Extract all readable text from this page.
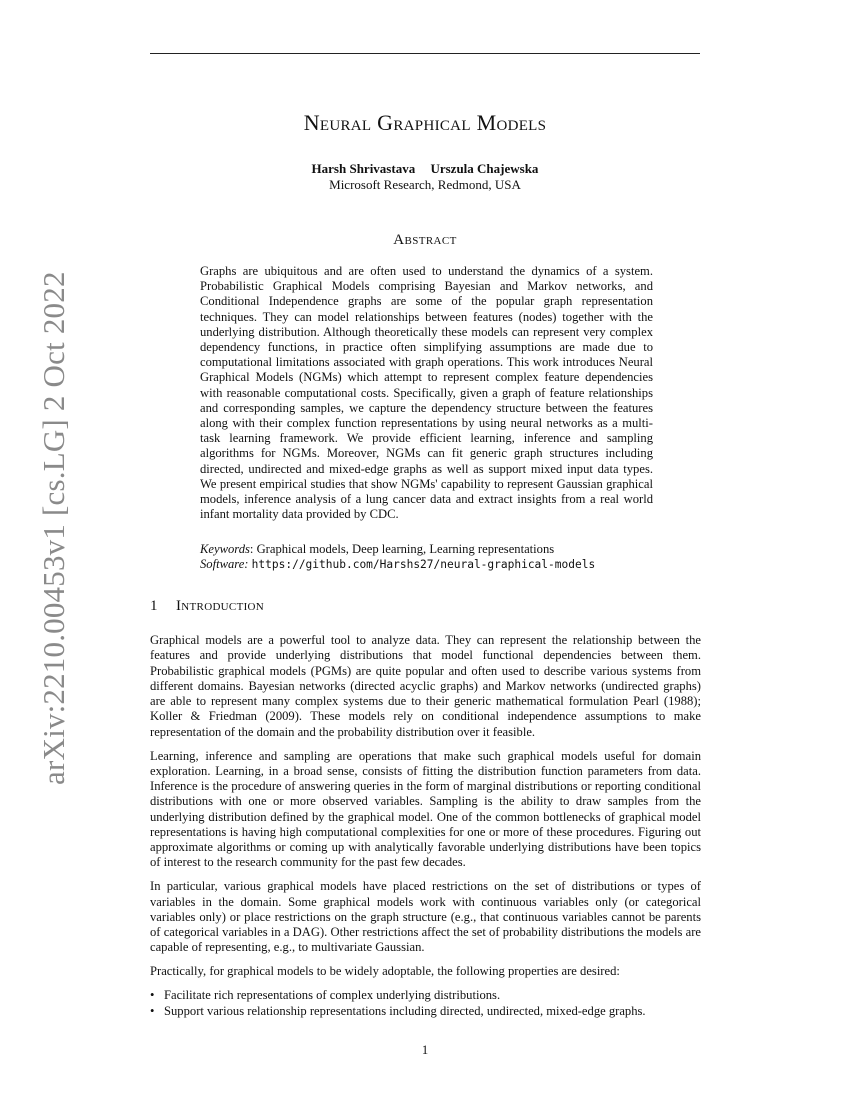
arXiv:2210.00453v1 [cs.LG] 2 Oct 2022
Neural Graphical Models
Harsh Shrivastava Urszula Chajewska
Microsoft Research, Redmond, USA
Abstract

Graphs are ubiquitous and are often used to understand the dynamics of a system. Probabilistic Graphical Models comprising Bayesian and Markov networks, and Conditional Independence graphs are some of the popular graph representation techniques. They can model relationships between features (nodes) together with the underlying distribution. Although theoretically these models can represent very complex dependency functions, in practice often simplifying assumptions are made due to computational limitations associated with graph operations. This work introduces Neural Graphical Models (NGMs) which attempt to represent complex feature dependencies with reasonable computational costs. Specifically, given a graph of feature relationships and corresponding samples, we capture the dependency structure between the features along with their complex function representations by using neural networks as a multi-task learning framework. We provide efficient learning, inference and sampling algorithms for NGMs. Moreover, NGMs can fit generic graph structures including directed, undirected and mixed-edge graphs as well as support mixed input data types. We present empirical studies that show NGMs' capability to represent Gaussian graphical models, inference analysis of a lung cancer data and extract insights from a real world infant mortality data provided by CDC.

Keywords: Graphical models, Deep learning, Learning representations
Software: https://github.com/Harshs27/neural-graphical-models
1 Introduction

Graphical models are a powerful tool to analyze data. They can represent the relationship between the features and provide underlying distributions that model functional dependencies between them. Probabilistic graphical models (PGMs) are quite popular and often used to describe various systems from different domains. Bayesian networks (directed acyclic graphs) and Markov networks (undirected graphs) are able to represent many complex systems due to their generic mathematical formulation Pearl (1988); Koller & Friedman (2009). These models rely on conditional independence assumptions to make representation of the domain and the probability distribution over it feasible.

Learning, inference and sampling are operations that make such graphical models useful for domain exploration. Learning, in a broad sense, consists of fitting the distribution function parameters from data. Inference is the procedure of answering queries in the form of marginal distributions or reporting conditional distributions with one or more observed variables. Sampling is the ability to draw samples from the underlying distribution defined by the graphical model. One of the common bottlenecks of graphical model representations is having high computational complexities for one or more of these procedures. Figuring out approximate algorithms or coming up with analytically favorable underlying distributions have been topics of interest to the research community for the past few decades.

In particular, various graphical models have placed restrictions on the set of distributions or types of variables in the domain. Some graphical models work with continuous variables only (or categorical variables only) or place restrictions on the graph structure (e.g., that continuous variables cannot be parents of categorical variables in a DAG). Other restrictions affect the set of probability distributions the models are capable of representing, e.g., to multivariate Gaussian.

Practically, for graphical models to be widely adoptable, the following properties are desired:

• Facilitate rich representations of complex underlying distributions.
• Support various relationship representations including directed, undirected, mixed-edge graphs.
1
